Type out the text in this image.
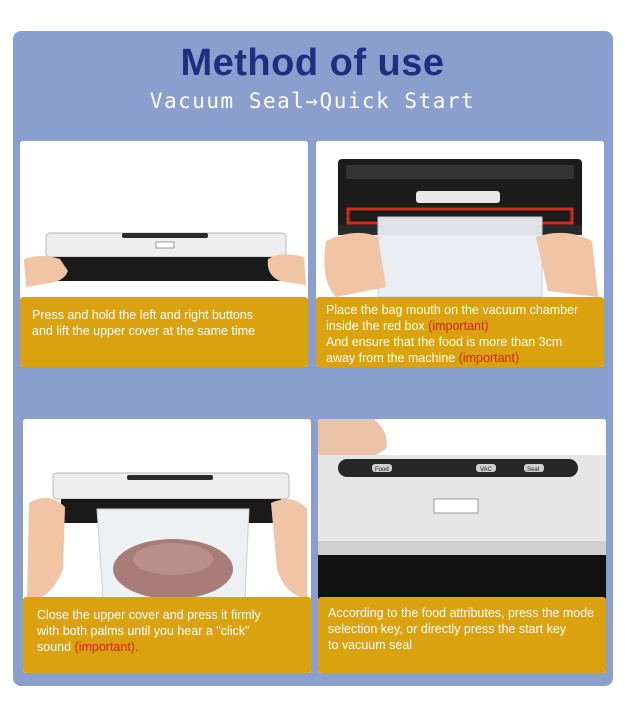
Method of use
Vacuum Seal→Quick Start
Press and hold the left and right buttons
and lift the upper cover at the same time
Place the bag mouth on the vacuum chamber
inside the red box (important)
And ensure that the food is more than 3cm
away from the machine (important)
Close the upper cover and press it firmly
with both palms until you hear a "click"
sound (important).
Food	VAC	Seal
According to the food attributes, press the mode
selection key, or directly press the start key
to vacuum seal
